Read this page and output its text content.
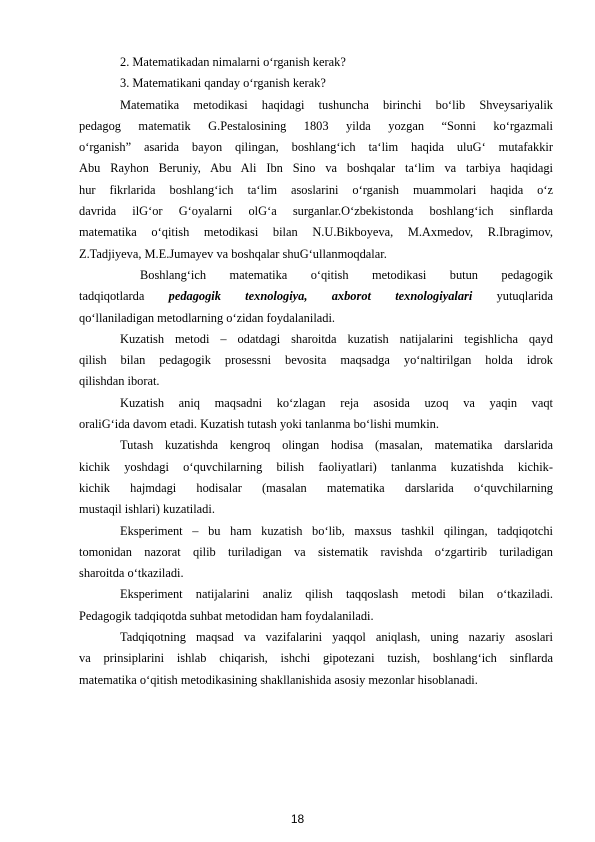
2. Matematikadan nimalarni o‘rganish kerak?
3. Matematikani qanday o‘rganish kerak?
Matematika metodikasi haqidagi tushuncha birinchi bo‘lib Shveysariyalik
pedagog matematik G.Pestalosining 1803 yilda yozgan “Sonni ko‘rgazmali
o‘rganish” asarida bayon qilingan, boshlang‘ich ta‘lim haqida uluG‘ mutafakkir
Abu Rayhon Beruniy, Abu Ali Ibn Sino va boshqalar ta‘lim va tarbiya haqidagi
hur fikrlarida boshlang‘ich ta‘lim asoslarini o‘rganish muammolari haqida o‘z
davrida ilG‘or G‘oyalarni olG‘a surganlar.O‘zbekistonda boshlang‘ich sinflarda
matematika o‘qitish metodikasi bilan N.U.Bikboyeva, M.Axmedov, R.Ibragimov,
Z.Tadjiyeva, M.E.Jumayev va boshqalar shuG‘ullanmoqdalar.
Boshlang‘ich matematika o‘qitish metodikasi butun pedagogik
tadqiqotlarda pedagogik texnologiya, axborot texnologiyalari yutuqlarida
qo‘llaniladigan metodlarning o‘zidan foydalaniladi.
Kuzatish metodi – odatdagi sharoitda kuzatish natijalarini tegishlicha qayd
qilish bilan pedagogik prosessni bevosita maqsadga yo‘naltirilgan holda idrok
qilishdan iborat.
Kuzatish aniq maqsadni ko‘zlagan reja asosida uzoq va yaqin vaqt
oraliG‘ida davom etadi. Kuzatish tutash yoki tanlanma bo‘lishi mumkin.
Tutash kuzatishda kengroq olingan hodisa (masalan, matematika darslarida
kichik yoshdagi o‘quvchilarning bilish faoliyatlari) tanlanma kuzatishda kichik-
kichik hajmdagi hodisalar (masalan matematika darslarida o‘quvchilarning
mustaqil ishlari) kuzatiladi.
Eksperiment – bu ham kuzatish bo‘lib, maxsus tashkil qilingan, tadqiqotchi
tomonidan nazorat qilib turiladigan va sistematik ravishda o‘zgartirib turiladigan
sharoitda o‘tkaziladi.
Eksperiment natijalarini analiz qilish taqqoslash metodi bilan o‘tkaziladi.
Pedagogik tadqiqotda suhbat metodidan ham foydalaniladi.
Tadqiqotning maqsad va vazifalarini yaqqol aniqlash, uning nazariy asoslari
va prinsiplarini ishlab chiqarish, ishchi gipotezani tuzish, boshlang‘ich sinflarda
matematika o‘qitish metodikasining shakllanishida asosiy mezonlar hisoblanadi.
18
